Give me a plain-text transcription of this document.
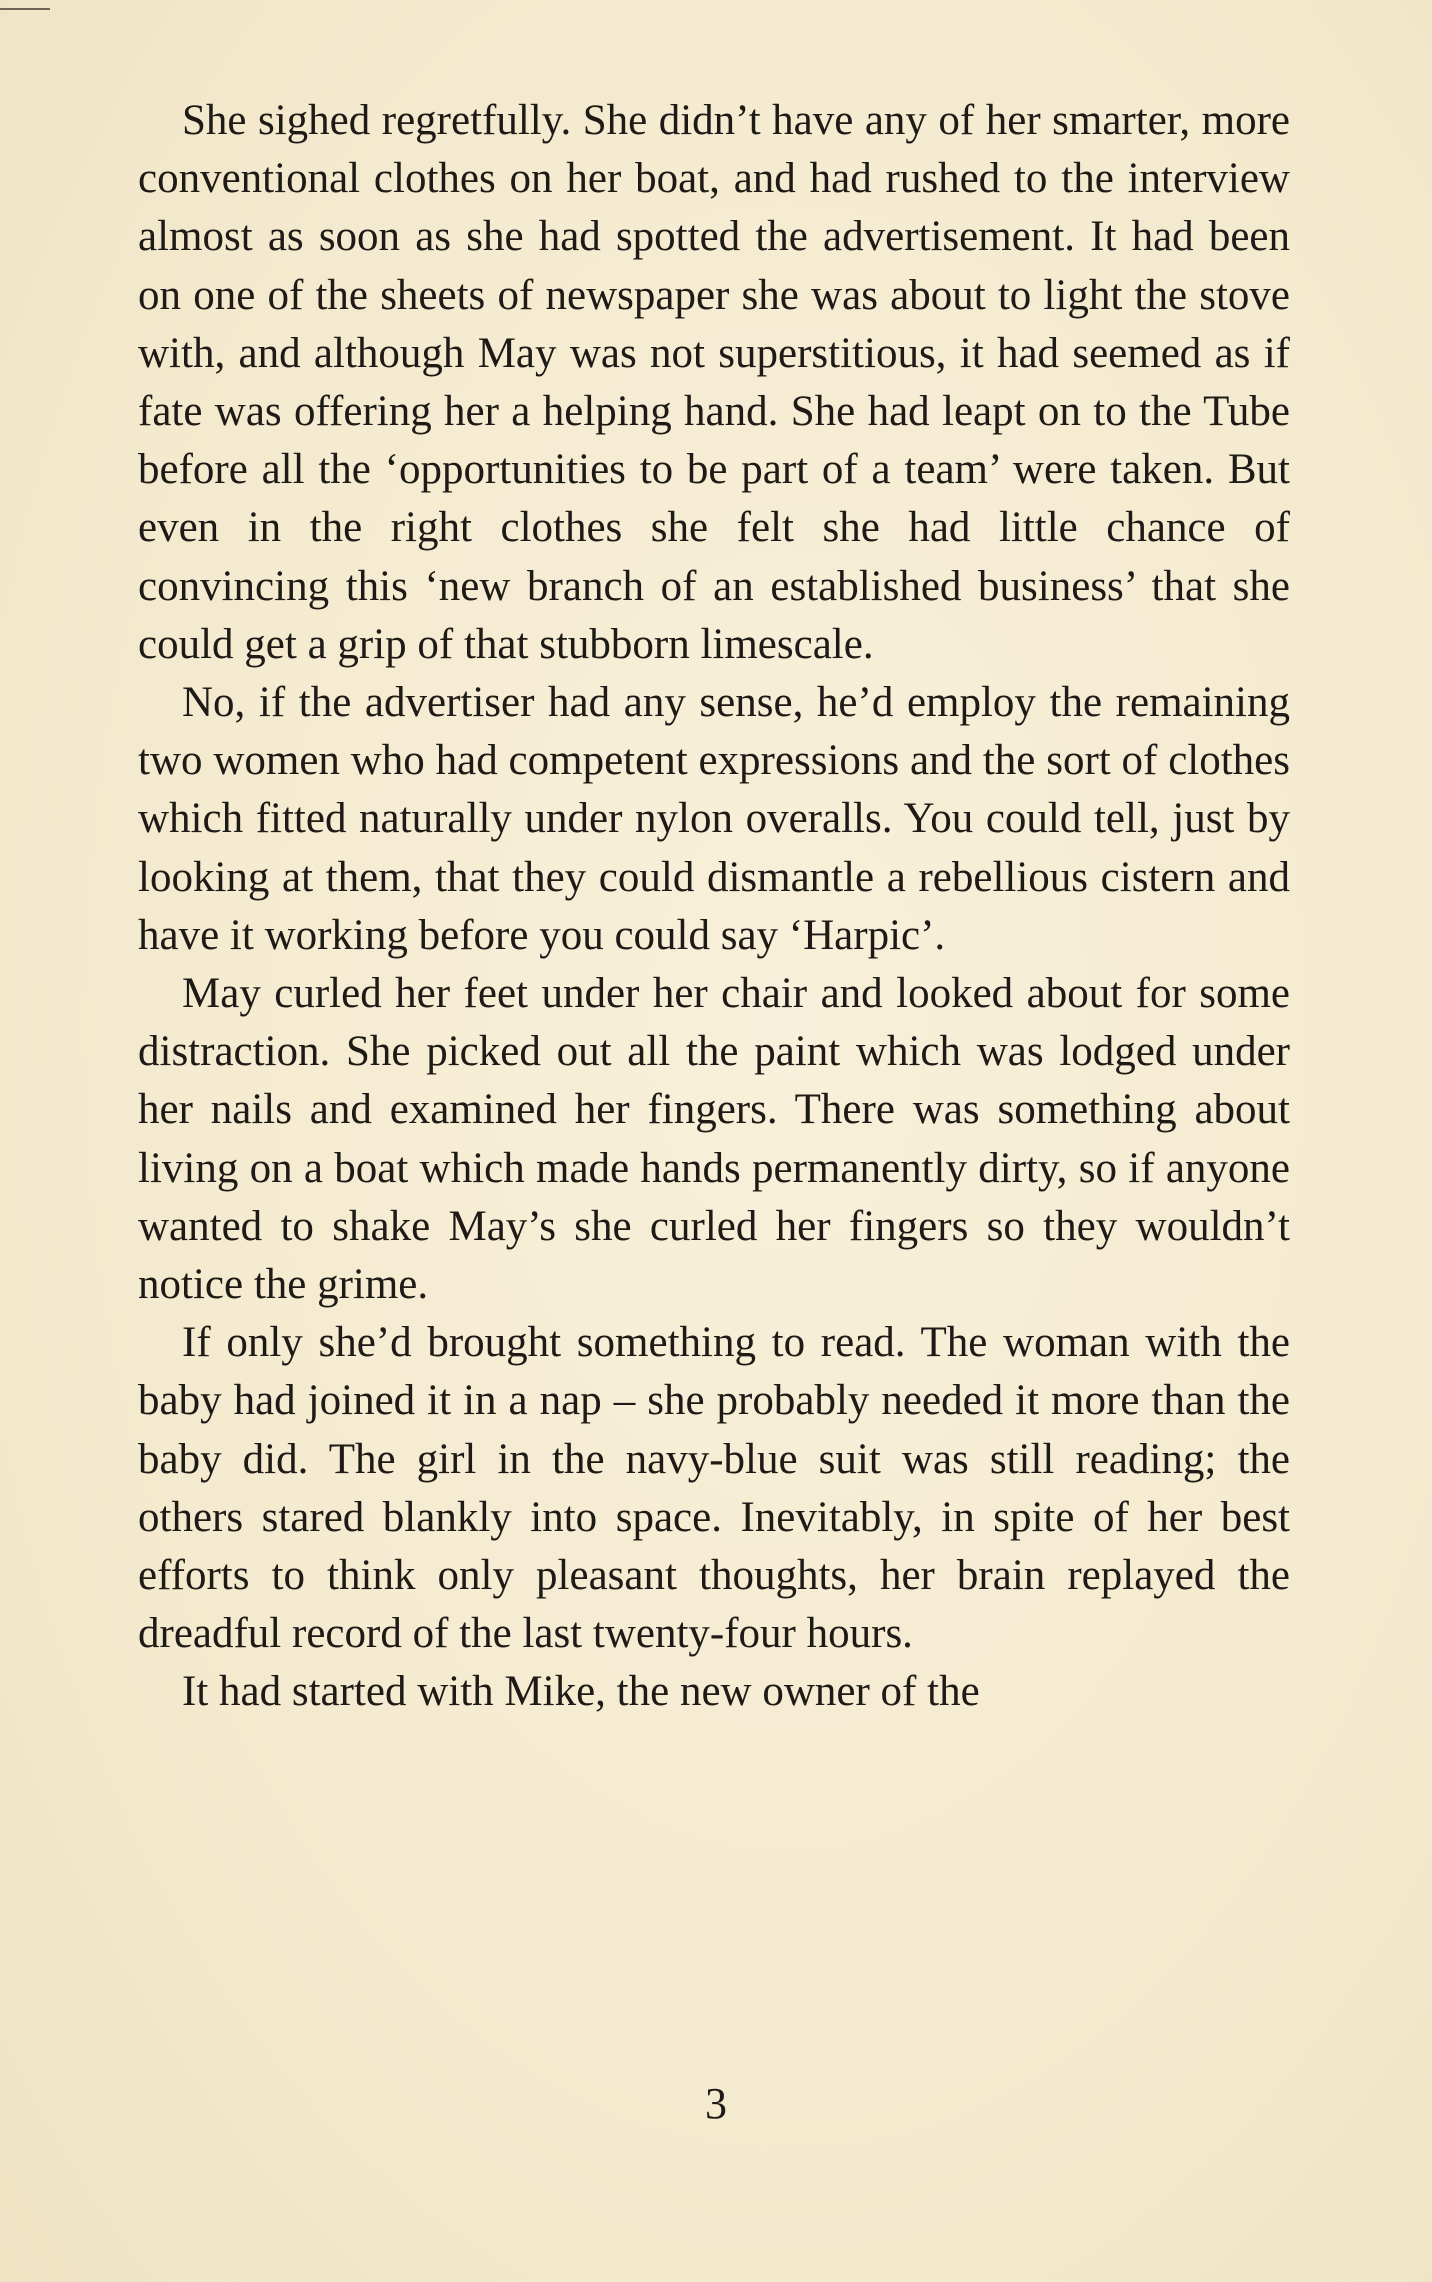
She sighed regretfully. She didn’t have any of her smarter, more conventional clothes on her boat, and had rushed to the interview almost as soon as she had spotted the advertisement. It had been on one of the sheets of newspaper she was about to light the stove with, and although May was not superstitious, it had seemed as if fate was offering her a helping hand. She had leapt on to the Tube before all the ‘opportunities to be part of a team’ were taken. But even in the right clothes she felt she had little chance of convincing this ‘new branch of an established business’ that she could get a grip of that stubborn limescale.

No, if the advertiser had any sense, he’d employ the remaining two women who had competent expressions and the sort of clothes which fitted naturally under nylon overalls. You could tell, just by looking at them, that they could dismantle a rebellious cistern and have it working before you could say ‘Harpic’.

May curled her feet under her chair and looked about for some distraction. She picked out all the paint which was lodged under her nails and examined her fingers. There was something about living on a boat which made hands permanently dirty, so if anyone wanted to shake May’s she curled her fingers so they wouldn’t notice the grime.

If only she’d brought something to read. The woman with the baby had joined it in a nap – she probably needed it more than the baby did. The girl in the navy-blue suit was still reading; the others stared blankly into space. Inevitably, in spite of her best efforts to think only pleasant thoughts, her brain replayed the dreadful record of the last twenty-four hours.

It had started with Mike, the new owner of the

3
